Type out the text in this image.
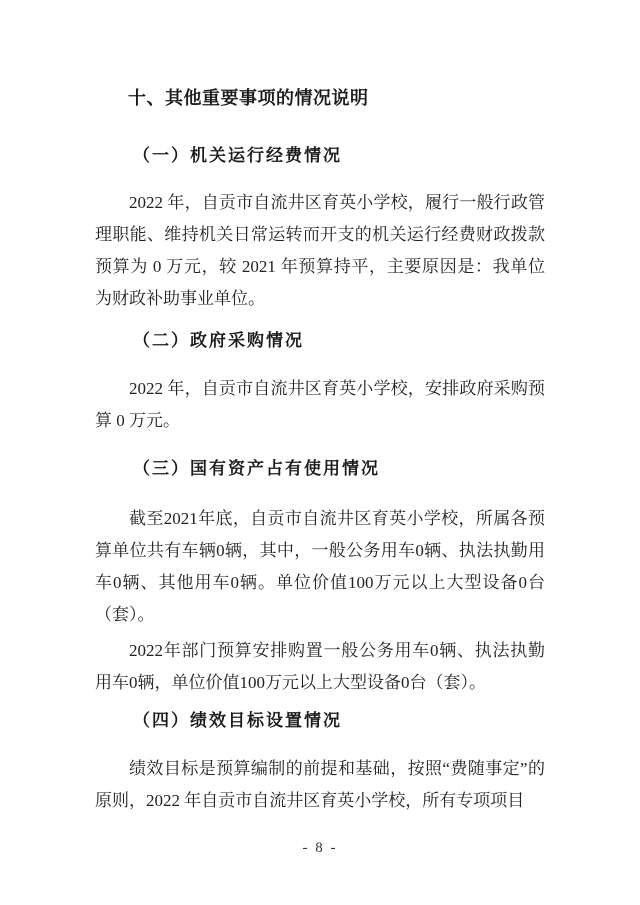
十、其他重要事项的情况说明
（一）机关运行经费情况

2022 年，自贡市自流井区育英小学校，履行一般行政管理职能、维持机关日常运转而开支的机关运行经费财政拨款预算为 0 万元，较 2021 年预算持平，主要原因是：我单位为财政补助事业单位。

（二）政府采购情况

2022 年，自贡市自流井区育英小学校，安排政府采购预算 0 万元。

（三）国有资产占有使用情况

截至2021年底，自贡市自流井区育英小学校，所属各预算单位共有车辆0辆，其中，一般公务用车0辆、执法执勤用车0辆、其他用车0辆。单位价值100万元以上大型设备0台（套）。

2022年部门预算安排购置一般公务用车0辆、执法执勤用车0辆，单位价值100万元以上大型设备0台（套）。

（四）绩效目标设置情况

绩效目标是预算编制的前提和基础，按照“费随事定”的原则，2022 年自贡市自流井区育英小学校，所有专项项目

- 8 -
